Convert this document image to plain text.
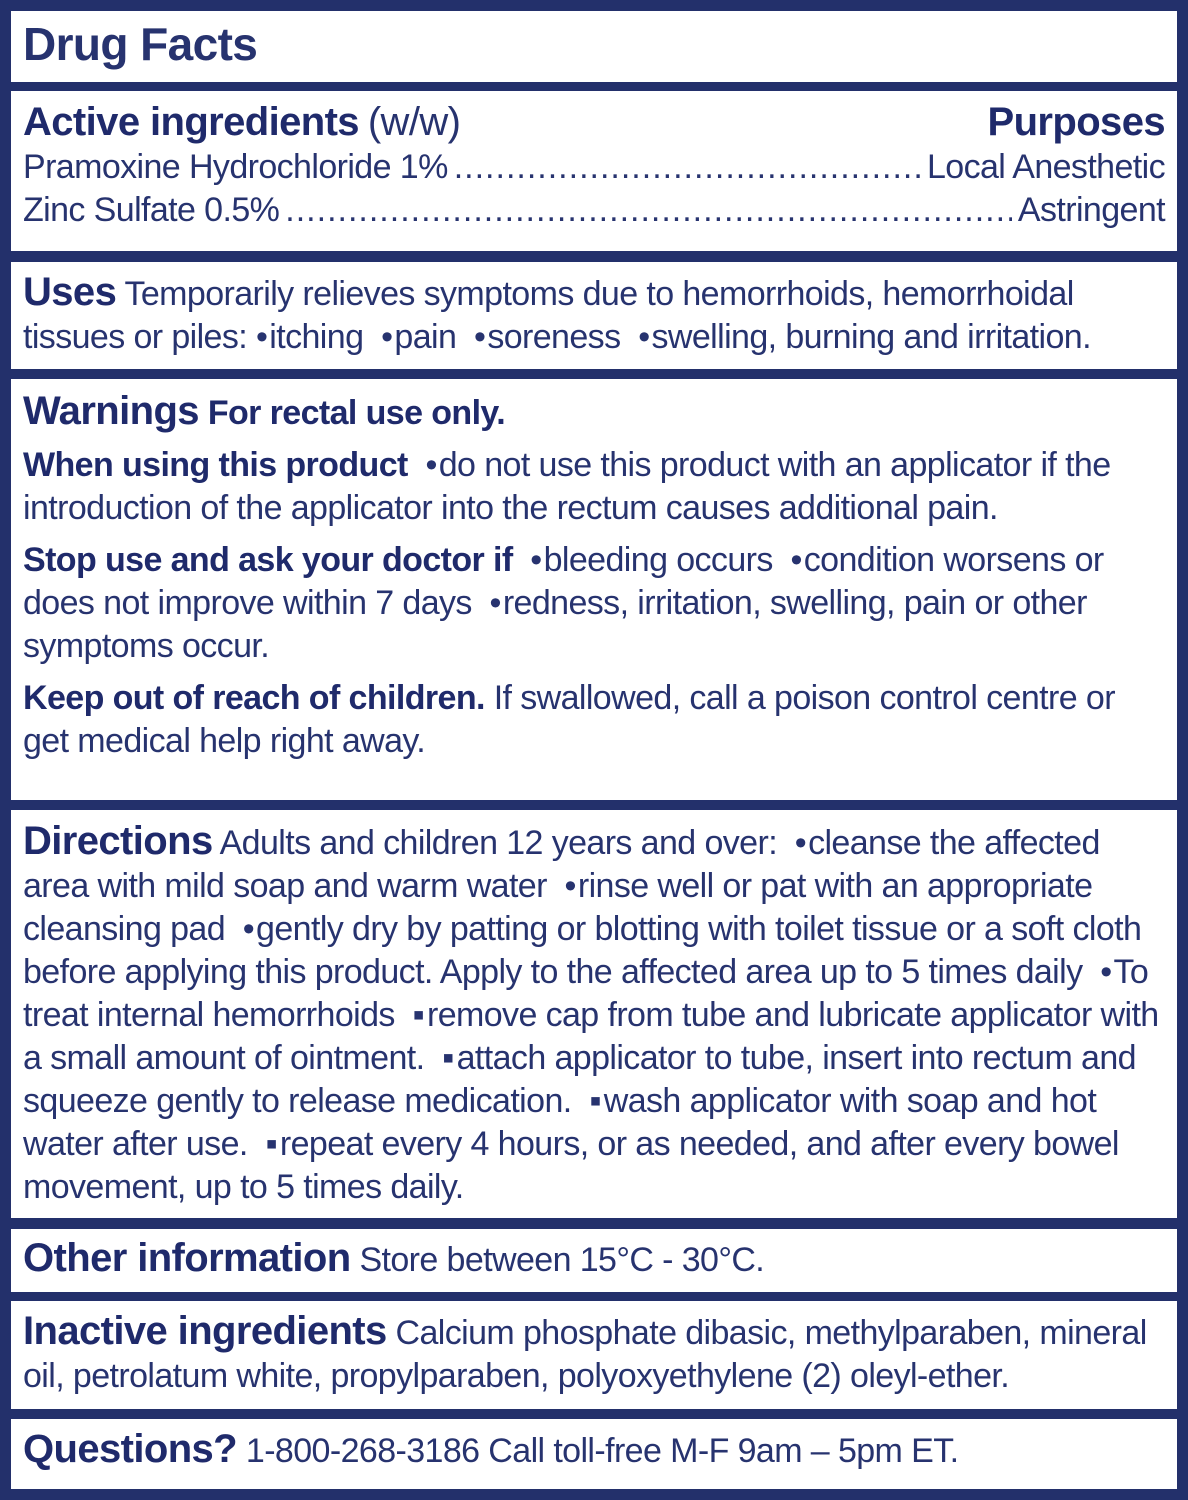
Drug Facts
Active ingredients (w/w)	Purposes
Pramoxine Hydrochloride 1% .....	Local Anesthetic
Zinc Sulfate 0.5% .....	Astringent
Uses Temporarily relieves symptoms due to hemorrhoids, hemorrhoidal tissues or piles: • itching • pain • soreness • swelling, burning and irritation.
Warnings For rectal use only.
When using this product • do not use this product with an applicator if the introduction of the applicator into the rectum causes additional pain.
Stop use and ask your doctor if • bleeding occurs • condition worsens or does not improve within 7 days • redness, irritation, swelling, pain or other symptoms occur.
Keep out of reach of children. If swallowed, call a poison control centre or get medical help right away.
Directions Adults and children 12 years and over: • cleanse the affected area with mild soap and warm water • rinse well or pat with an appropriate cleansing pad • gently dry by patting or blotting with toilet tissue or a soft cloth before applying this product. Apply to the affected area up to 5 times daily • To treat internal hemorrhoids ▪ remove cap from tube and lubricate applicator with a small amount of ointment. ▪ attach applicator to tube, insert into rectum and squeeze gently to release medication. ▪ wash applicator with soap and hot water after use. ▪ repeat every 4 hours, or as needed, and after every bowel movement, up to 5 times daily.
Other information Store between 15°C - 30°C.
Inactive ingredients Calcium phosphate dibasic, methylparaben, mineral oil, petrolatum white, propylparaben, polyoxyethylene (2) oleyl-ether.
Questions? 1-800-268-3186 Call toll-free M-F 9am – 5pm ET.
